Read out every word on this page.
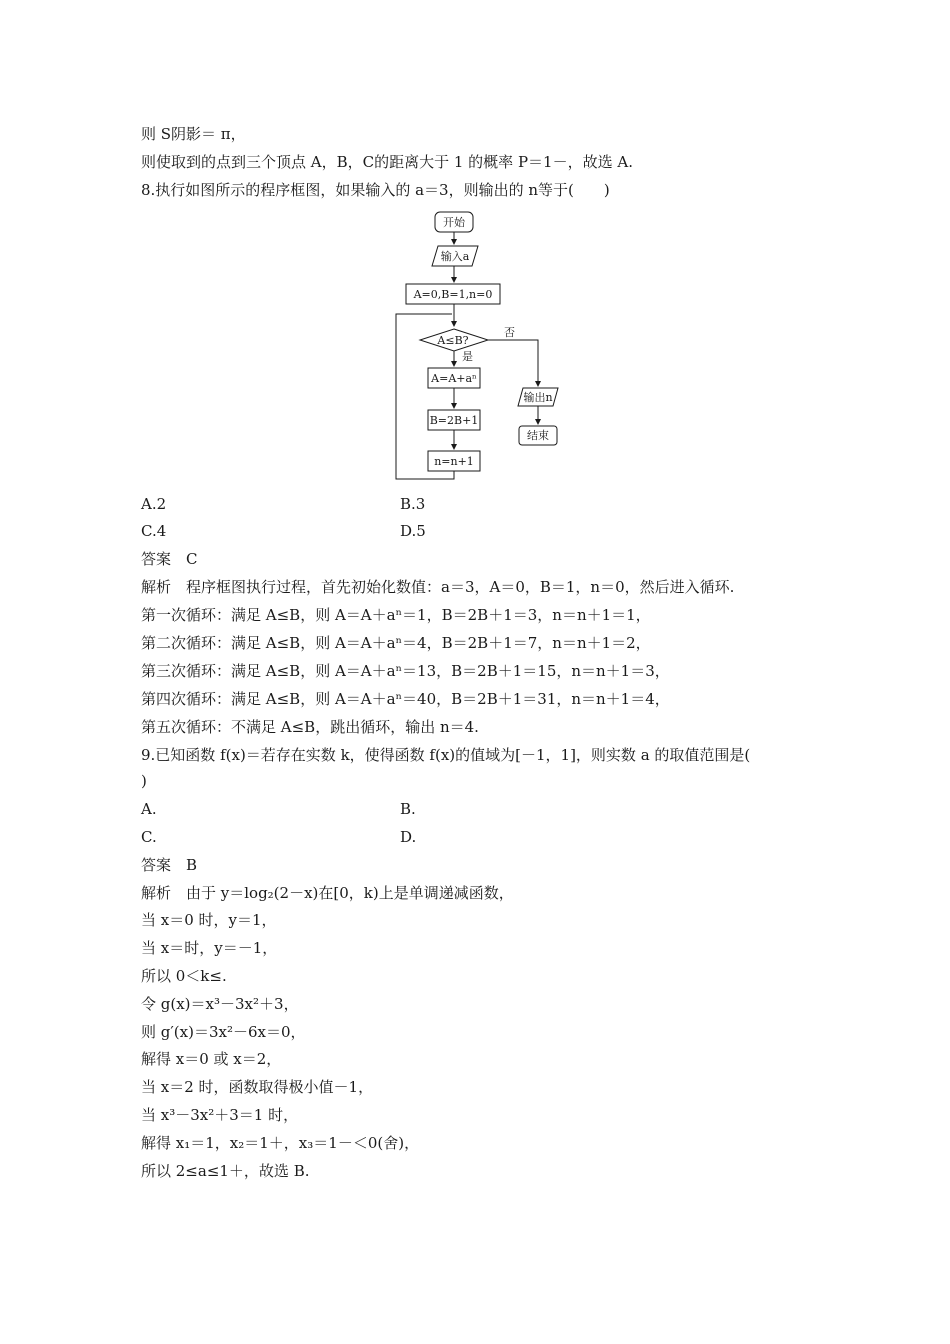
则 S阴影＝ π，
则使取到的点到三个顶点 A，B，C的距离大于 1 的概率 P＝1－，故选 A.
8.执行如图所示的程序框图，如果输入的 a＝3，则输出的 n等于(　　)
开始
输入a
A=0,B=1,n=0
A≤B?
是
否
输出n
结束
A=A+aⁿ
B=2B+1
n=n+1
A.2	B.3
C.4	D.5
答案　C
解析　程序框图执行过程，首先初始化数值：a＝3，A＝0，B＝1，n＝0，然后进入循环.
第一次循环：满足 A≤B，则 A＝A＋aⁿ＝1，B＝2B＋1＝3，n＝n＋1＝1，
第二次循环：满足 A≤B，则 A＝A＋aⁿ＝4，B＝2B＋1＝7，n＝n＋1＝2，
第三次循环：满足 A≤B，则 A＝A＋aⁿ＝13，B＝2B＋1＝15，n＝n＋1＝3，
第四次循环：满足 A≤B，则 A＝A＋aⁿ＝40，B＝2B＋1＝31，n＝n＋1＝4，
第五次循环：不满足 A≤B，跳出循环，输出 n＝4.
9.已知函数 f(x)＝若存在实数 k，使得函数 f(x)的值域为[－1，1]，则实数 a 的取值范围是(
)
A.	B.
C.	D.
答案　B
解析　由于 y＝log₂(2－x)在[0，k)上是单调递减函数，
当 x＝0 时，y＝1，
当 x＝时，y＝－1，
所以 0＜k≤.
令 g(x)＝x³－3x²＋3，
则 g′(x)＝3x²－6x＝0，
解得 x＝0 或 x＝2，
当 x＝2 时，函数取得极小值－1，
当 x³－3x²＋3＝1 时，
解得 x₁＝1，x₂＝1＋，x₃＝1－＜0(舍)，
所以 2≤a≤1＋，故选 B.
